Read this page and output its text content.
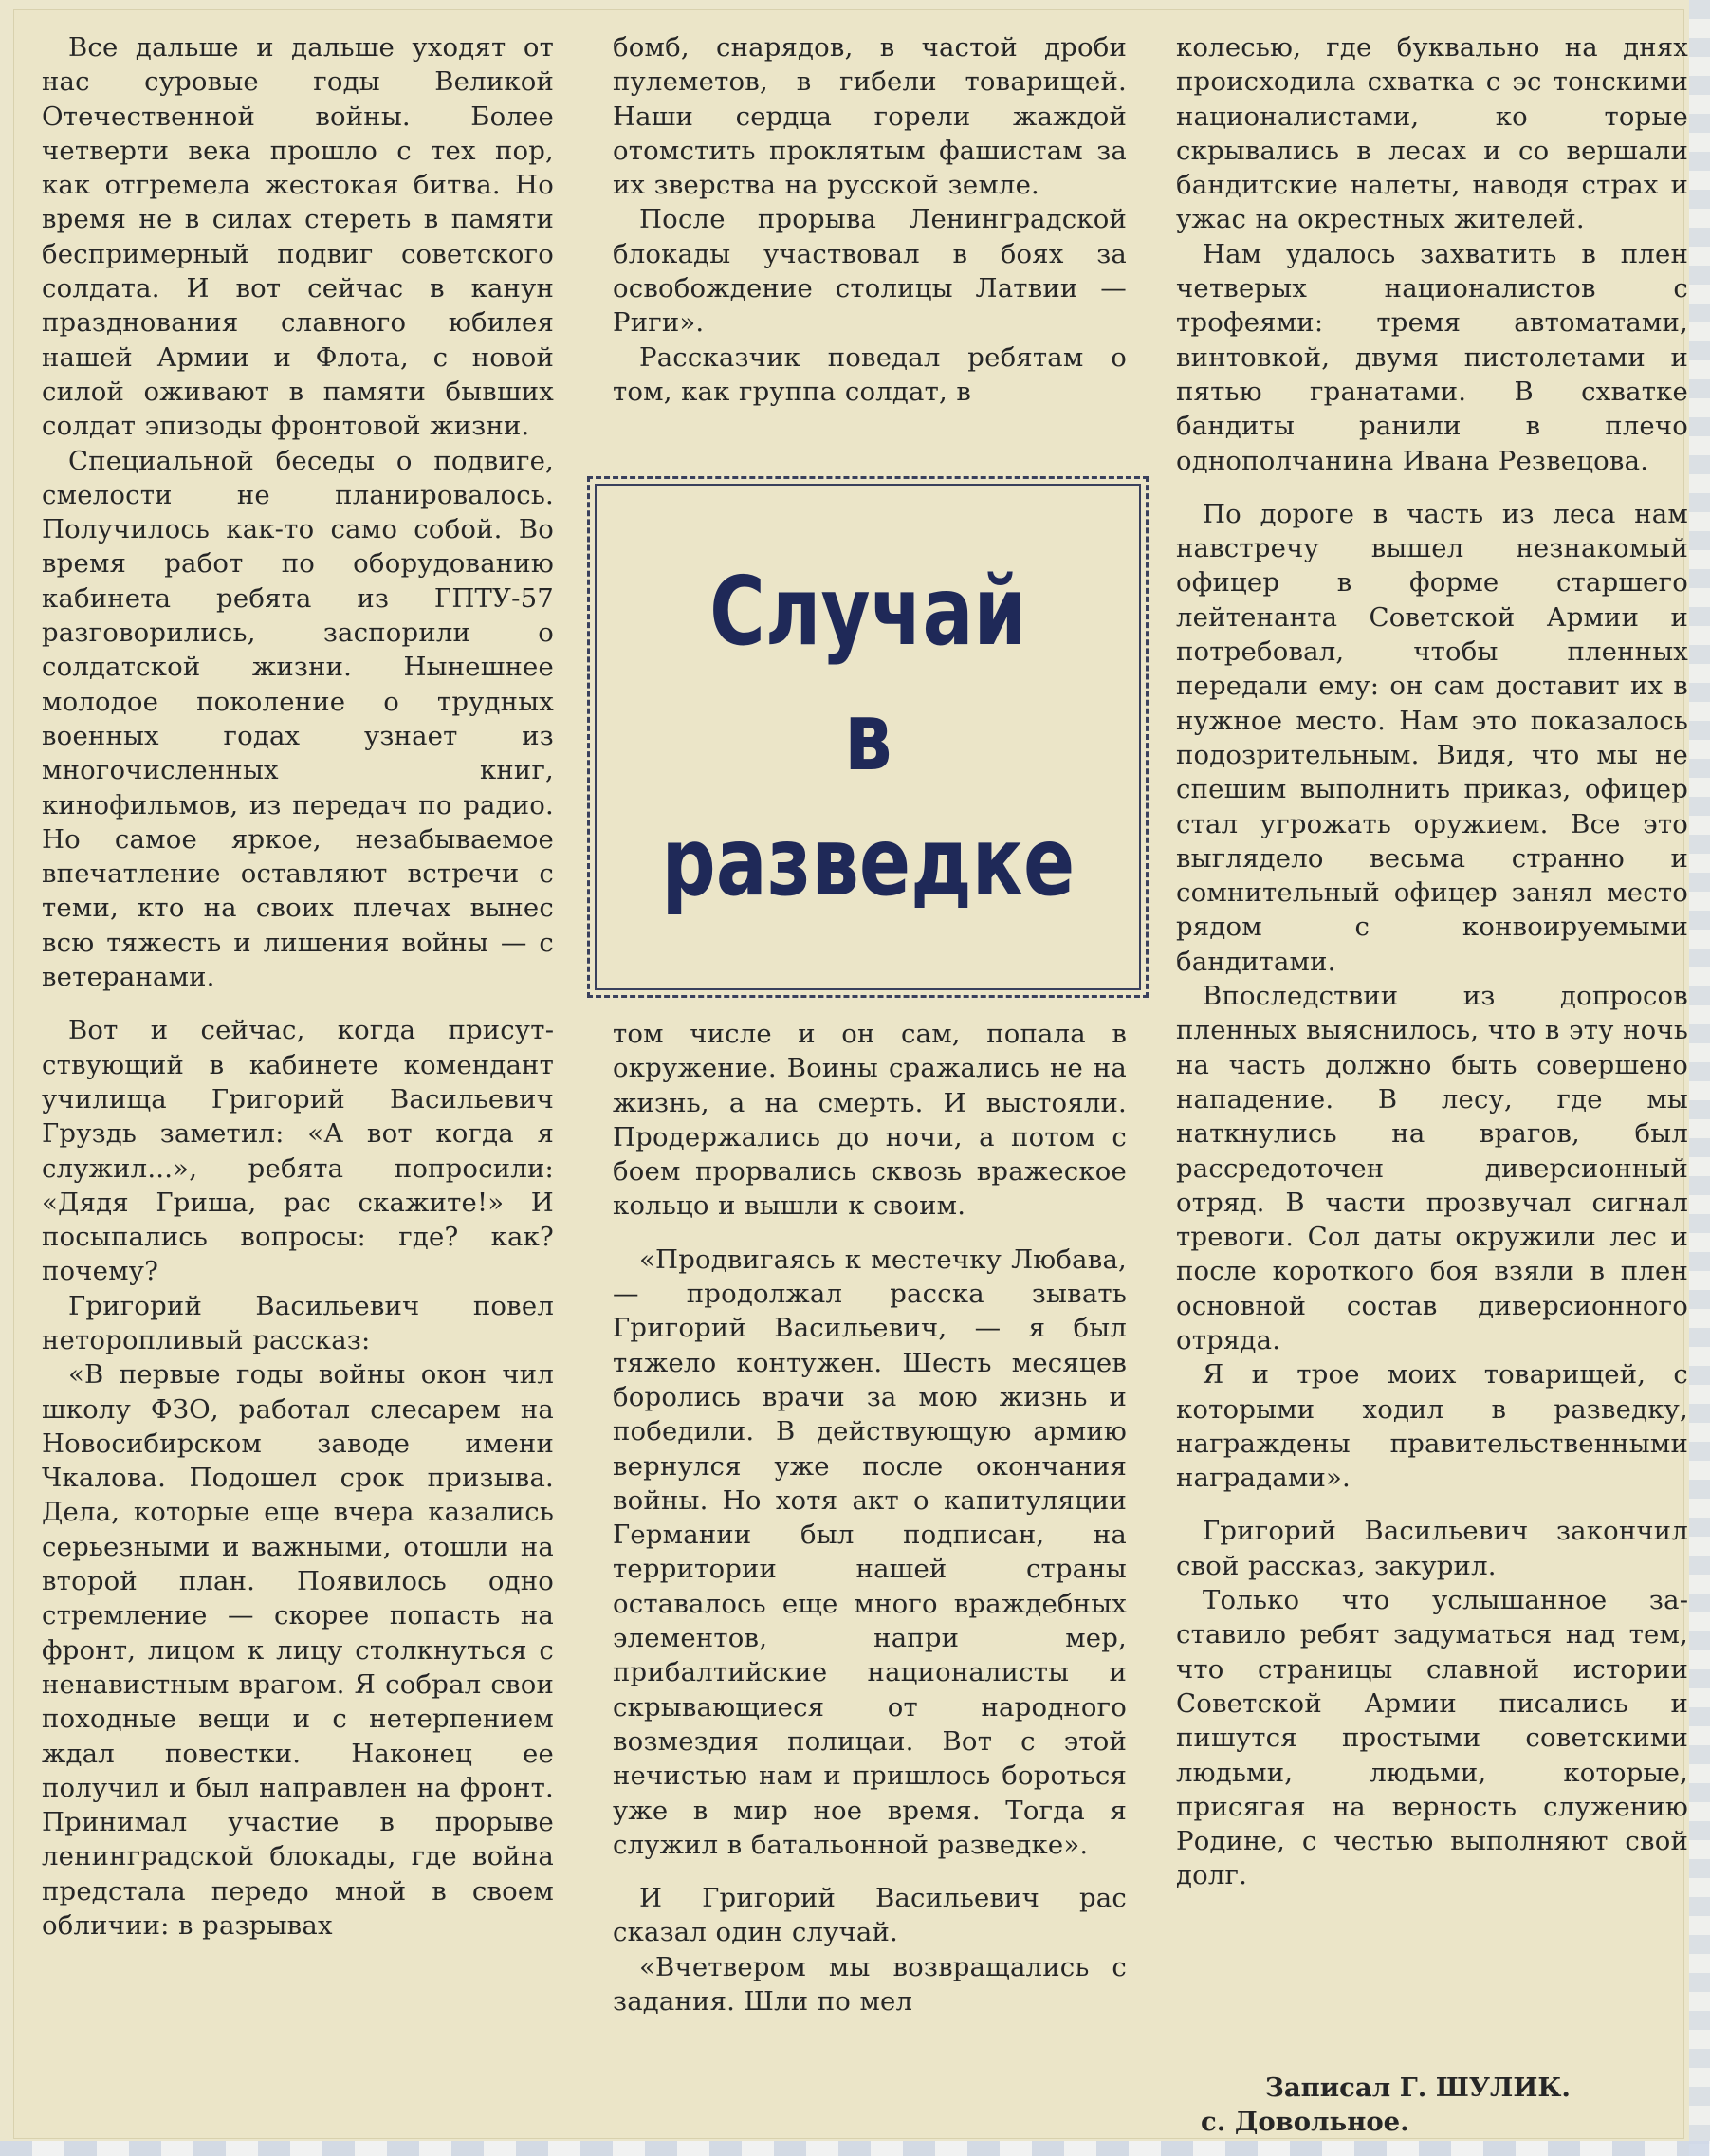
Все дальше и дальше уходят от нас суровые годы Великой Отечественной войны. Более четверти века прошло с тех пор, как отгремела жестокая битва. Но время не в силах стереть в памяти беспримерный подвиг советского солдата. И вот сейчас в канун празднования славного юбилея нашей Армии и Флота, с новой силой оживают в памяти бывших солдат эпизоды фронтовой жизни.

Специальной беседы о подвиге, смелости не планировалось. Получилось как-то само собой. Во время работ по оборудованию кабинета ребята из ГПТУ-57 разговорились, заспорили о солдатской жизни. Нынешнее молодое поколение о трудных военных годах узнает из многочисленных книг, кинофильмов, из передач по радио. Но самое яркое, незабываемое впечатление оставляют встречи с теми, кто на своих плечах вынес всю тяжесть и лишения войны — с ветеранами.

Вот и сейчас, когда присутствующий в кабинете комендант училища Григорий Васильевич Груздь заметил: «А вот когда я служил...», ребята попросили: «Дядя Гриша, рас скажите!» И посыпались вопросы: где? как? почему?

Григорий Васильевич повел неторопливый рассказ:

«В первые годы войны окон чил школу ФЗО, работал слесарем на Новосибирском заводе имени Чкалова. Подошел срок призыва. Дела, которые еще вчера казались серьезными и важными, отошли на второй план. Появилось одно стремление — скорее попасть на фронт, лицом к лицу столкнуться с ненавистным врагом. Я собрал свои походные вещи и с нетерпением ждал повестки. Наконец ее получил и был направлен на фронт. Принимал участие в прорыве ленинградской блокады, где война предстала передо мной в своем обличии: в разрывах

бомб, снарядов, в частой дроби пулеметов, в гибели товарищей. Наши сердца горели жаждой отомстить проклятым фашистам за их зверства на русской земле.

После прорыва Ленинградской блокады участвовал в боях за освобождение столицы Латвии — Риги».

Рассказчик поведал ребятам о том, как группа солдат, в

Случай
в
разведке

том числе и он сам, попала в окружение. Воины сражались не на жизнь, а на смерть. И выстояли. Продержались до ночи, а потом с боем прорвались сквозь вражеское кольцо и вышли к своим.

«Продвигаясь к местечку Любава, — продолжал расска зывать Григорий Васильевич, — я был тяжело контужен. Шесть месяцев боролись врачи за мою жизнь и победили. В действующую армию вернулся уже после окончания войны. Но хотя акт о капитуляции Германии был подписан, на территории нашей страны оставалось еще много враждебных элементов, напри мер, прибалтийские националисты и скрывающиеся от народного возмездия полицаи. Вот с этой нечистью нам и пришлось бороться уже в мир ное время. Тогда я служил в батальонной разведке».

И Григорий Васильевич рас сказал один случай.

«Вчетвером мы возвращались с задания. Шли по мел

колесью, где буквально на днях происходила схватка с эс тонскими националистами, ко торые скрывались в лесах и со вершали бандитские налеты, наводя страх и ужас на окрестных жителей.

Нам удалось захватить в плен четверых националистов с трофеями: тремя автоматами, винтовкой, двумя пистолетами и пятью гранатами. В схватке бандиты ранили в плечо однополчанина Ивана Резвецова.

По дороге в часть из леса нам навстречу вышел незнакомый офицер в форме старшего лейтенанта Советской Армии и потребовал, чтобы пленных передали ему: он сам доставит их в нужное место. Нам это показалось подозрительным. Видя, что мы не спешим выполнить приказ, офицер стал угрожать оружием. Все это выглядело весьма странно и сомнительный офицер занял место рядом с конвоируемыми бандитами.

Впоследствии из допросов пленных выяснилось, что в эту ночь на часть должно быть совершено нападение. В лесу, где мы наткнулись на врагов, был рассредоточен диверсионный отряд. В части прозвучал сигнал тревоги. Сол даты окружили лес и после короткого боя взяли в плен основной состав диверсионного отряда.

Я и трое моих товарищей, с которыми ходил в разведку, награждены правительственными наградами».

Григорий Васильевич закончил свой рассказ, закурил.

Только что услышанное заставило ребят задуматься над тем, что страницы славной истории Советской Армии писались и пишутся простыми советскими людьми, людьми, которые, присягая на верность служению Родине, с честью выполняют свой долг.

Записал Г. ШУЛИК.
с. Довольное.
